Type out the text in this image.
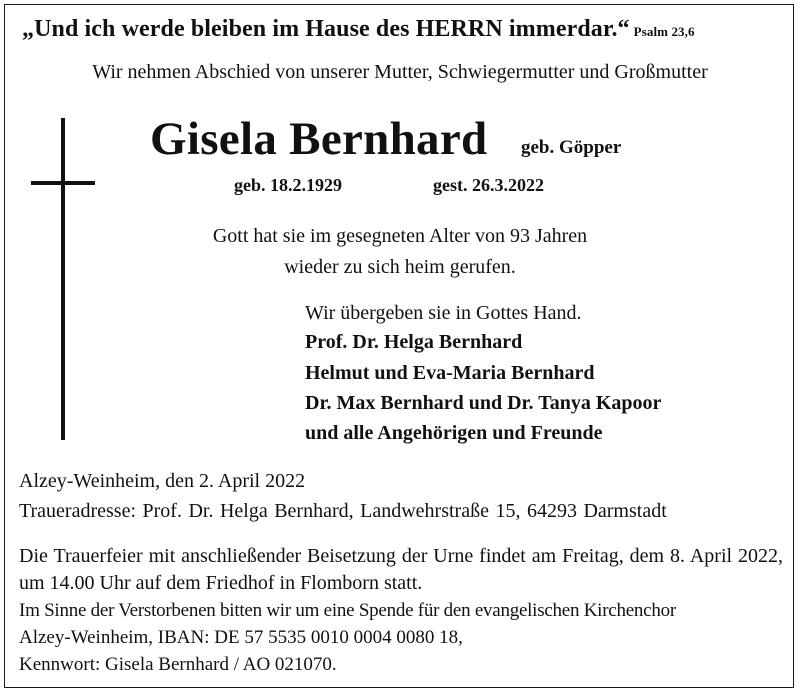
„Und ich werde bleiben im Hause des HERRN immerdar.“ Psalm 23,6
Wir nehmen Abschied von unserer Mutter, Schwiegermutter und Großmutter
Gisela Bernhard geb. Göpper
geb. 18.2.1929	gest. 26.3.2022
Gott hat sie im gesegneten Alter von 93 Jahren
wieder zu sich heim gerufen.
Wir übergeben sie in Gottes Hand.
Prof. Dr. Helga Bernhard
Helmut und Eva-Maria Bernhard
Dr. Max Bernhard und Dr. Tanya Kapoor
und alle Angehörigen und Freunde
Alzey-Weinheim, den 2. April 2022
Traueradresse: Prof. Dr. Helga Bernhard, Landwehrstraße 15, 64293 Darmstadt
Die Trauerfeier mit anschließender Beisetzung der Urne findet am Freitag, dem 8. April 2022, um 14.00 Uhr auf dem Friedhof in Flomborn statt.
Im Sinne der Verstorbenen bitten wir um eine Spende für den evangelischen Kirchenchor
Alzey-Weinheim, IBAN: DE 57 5535 0010 0004 0080 18,
Kennwort: Gisela Bernhard / AO 021070.
